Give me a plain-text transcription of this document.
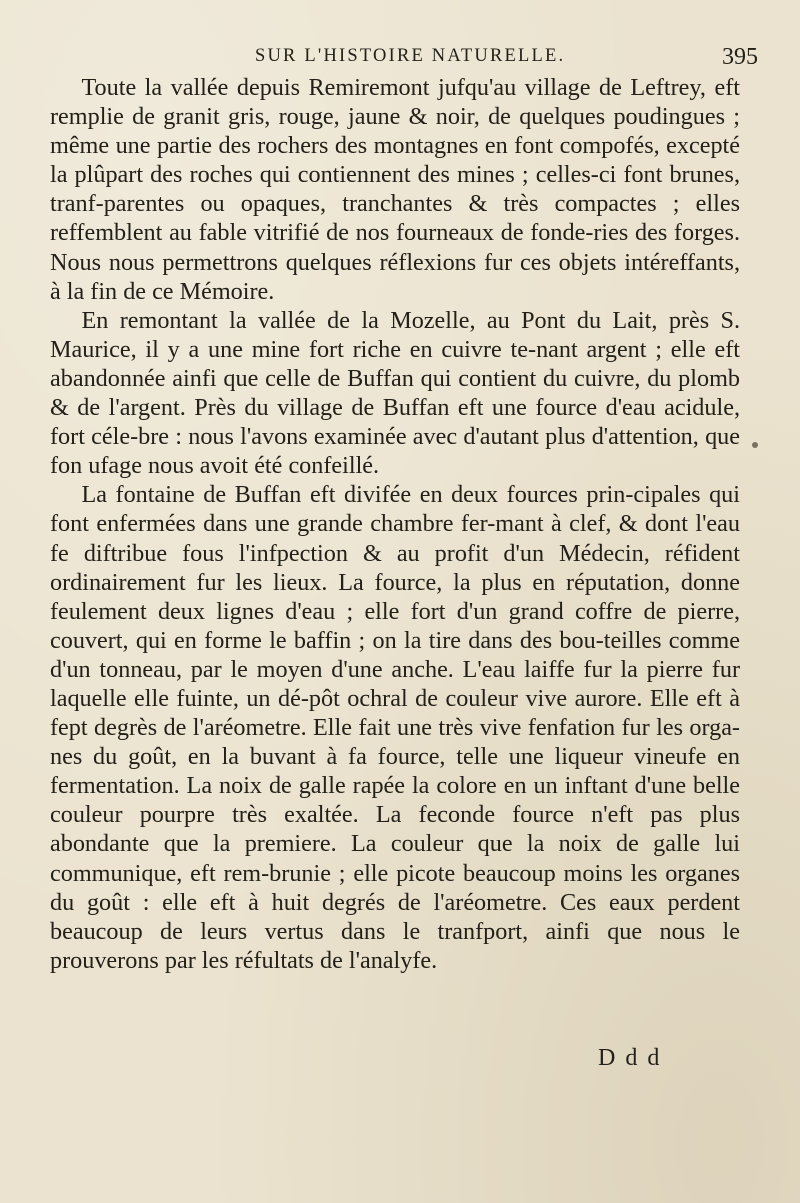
SUR L'HISTOIRE NATURELLE.	395

Toute la vallée depuis Remiremont jufqu'au village de Leftrey, eft remplie de granit gris, rouge, jaune & noir, de quelques poudingues ; même une partie des rochers des montagnes en font compofés, excepté la plûpart des roches qui contiennent des mines ; celles-ci font brunes, tranf-parentes ou opaques, tranchantes & très compactes ; elles reffemblent au fable vitrifié de nos fourneaux de fonde-ries des forges. Nous nous permettrons quelques réflexions fur ces objets intéreffants, à la fin de ce Mémoire.

En remontant la vallée de la Mozelle, au Pont du Lait, près S. Maurice, il y a une mine fort riche en cuivre te-nant argent ; elle eft abandonnée ainfi que celle de Buffan qui contient du cuivre, du plomb & de l'argent. Près du village de Buffan eft une fource d'eau acidule, fort céle-bre : nous l'avons examinée avec d'autant plus d'attention, que fon ufage nous avoit été confeillé.

La fontaine de Buffan eft divifée en deux fources prin-cipales qui font enfermées dans une grande chambre fer-mant à clef, & dont l'eau fe diftribue fous l'infpection & au profit d'un Médecin, réfident ordinairement fur les lieux. La fource, la plus en réputation, donne feulement deux lignes d'eau ; elle fort d'un grand coffre de pierre, couvert, qui en forme le baffin ; on la tire dans des bou-teilles comme d'un tonneau, par le moyen d'une anche. L'eau laiffe fur la pierre fur laquelle elle fuinte, un dé-pôt ochral de couleur vive aurore. Elle eft à fept degrès de l'aréometre. Elle fait une très vive fenfation fur les orga-nes du goût, en la buvant à fa fource, telle une liqueur vineufe en fermentation. La noix de galle rapée la colore en un inftant d'une belle couleur pourpre très exaltée. La feconde fource n'eft pas plus abondante que la premiere. La couleur que la noix de galle lui communique, eft rem-brunie ; elle picote beaucoup moins les organes du goût : elle eft à huit degrés de l'aréometre. Ces eaux perdent beaucoup de leurs vertus dans le tranfport, ainfi que nous le prouverons par les réfultats de l'analyfe.

D d d
